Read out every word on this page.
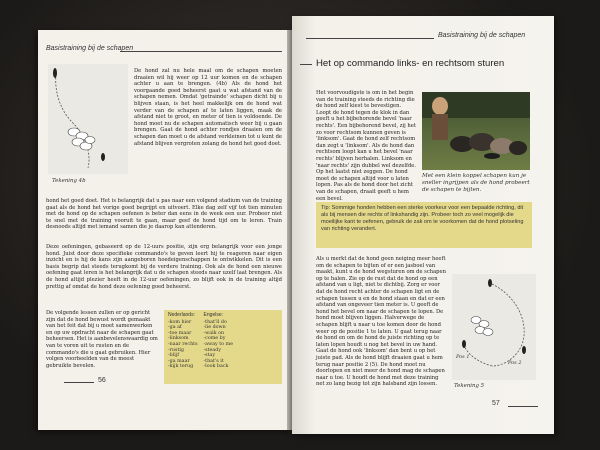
Basistraining bij de schapen
Tekening 4b
De hond zal nu hele maal om de schapen moeten draaien wil hij weer op 12 uur komen en de schapen achter u aan te brengen. (4b) Als de hond het voorgaande goed beheerst gaat u wat afstand van de schapen nemen. Omdat 'getrainde' schapen dicht bij u blijven staan, is het heel makkelijk om de hond wat verder van de schapen af te laten liggen, maak de afstand niet te groot, en meter of tien is voldoende. De hond moet nu de schapen automatisch weer bij u gaan brengen. Gaat de hond achter rondjes draaien om de schapen dan moet u de afstand verkleinen tot u kunt de afstand blijven vergroten zolang de hond het goed doet.
hond het goed doet. Het is belangrijk dat u pas naar een volgend stadium van de training gaat als de hond het vorige goed begrijpt en uitvoert. Elke dag zelf vijf tot tien minuten met de hond op de schapen oefenen is beter dan eens in de week een uur. Probeer niet te snel met de training vooruit te gaan, maar geef de hond tijd om te leren. Train desnoods altijd met iemand samen die je daarop kan attenderen.
Deze oefeningen, gebaseerd op de 12-uurs positie, zijn erg belangrijk voor een jonge hond. Juist door deze specifieke commando's te geven leert hij te reageren naar eigen inzicht en is hij de kans zijn aangeboren hoedeigenschappen te ontwikkelen. Dit is een basis begrip dat steeds terugkomt bij de verdere training. Ook als de hond een nieuwe oefening gaat leren is het belangrijk dat u de schapen steeds naar uzelf laat brengen. Als de hond altijd plezier heeft in de 12-uur oefeningen, zo blijft ook in de training altijd prettig af omdat de hond deze oefening goed beheerst.
De volgende lessen zullen er op gericht zijn dat de hond bewust wordt gemaakt van het feit dat bij u moet samenwerken en op uw opdracht naar de schapen gaat beheersen. Het is aanbevelenswaardig om van te voren uit te rusten en de commando's die u gaat gebruiken. Hier volgen voorbeelden van de meest gebruikte bevelen.
Nederlands:
-kom hier
-ga af
-toe maar
-linksom
-naar rechts
-rustig
-blijf
-ga maar
-kijk terug
Engelse:
-that'll do
-lie down
-walk on
-come by
-away to me
-steady
-stay
-that's it
-look back
56
Basistraining bij de schapen
Het op commando links- en rechtsom sturen
Het voorvoudigste is om in het begin van de training steeds de richting die de hond zelf kiest te bevestigen. Loopt de hond tegen de klok in dan geeft u het bijbehorende bevel 'naar rechts'. Een bijbehorend bevel, zij het zo voor rechtsom kunnen geven is 'linksom'. Gaat de hond zelf rechtsom dan zegt u 'linksom'. Als de hond dan rechtsom loopt kan u het bevel 'naar rechts' blijven herhalen. Linksom en 'naar rechts' zijn dubbel wel dezelfde. Op het laatst niet zeggen. De hond moet de schapen altijd voor u laten lopen. Pas als de hond door het zicht van de schapen, draait geeft u hem een bevel.
Met een klein koppel schapen kun je sneller ingrijpen als de hond probeert de schapen te bijten.
Tip: Sommige honden hebben een sterke voorkeur voor een bepaalde richting, dit als bij mensen die rechts of linkshandig zijn. Probeer toch zo veel mogelijk die moeilijke kant te oefenen, gebruik de zak om te voorkomen dat de hond plotseling van richting verandert.
Als u merkt dat de hond geen neiging meer heeft om de schapen te bijten of er een jasboel van maakt, kunt u de hond wegsturen om de schapen op te halen. Zie op de rust dat de hond op een afstand van u ligt, niet te dichtbij. Zorg er voor dat de hond recht achter de schapen ligt en de schapen tussen u en de hond staan en dat er een afstand van ongeveer tien meter is. U geeft de hond het bevel om naar de schapen te lopen. De hond moet blijven liggen. Halverwege de schapen blijft u naar u toe komen door de hond weer op de positie 1 te laten. U gaat terug naar de hond en om de hond de juiste richting op te laten lopen houdt u nog het bevel in uw hand. Gaat de hond ook 'linksom' dan bent u op het juiste pad. Als de hond blijft draaien gaat u hem terug naar positie 2 (5). De hond moet nu doorlopen en niet meer de hond mag de schapen naar u toe. U houdt de hond met deze training net zo lang bezig tot zijn halsband zijn lossen.
Pos 1
Pos 2
Tekening 5
57
